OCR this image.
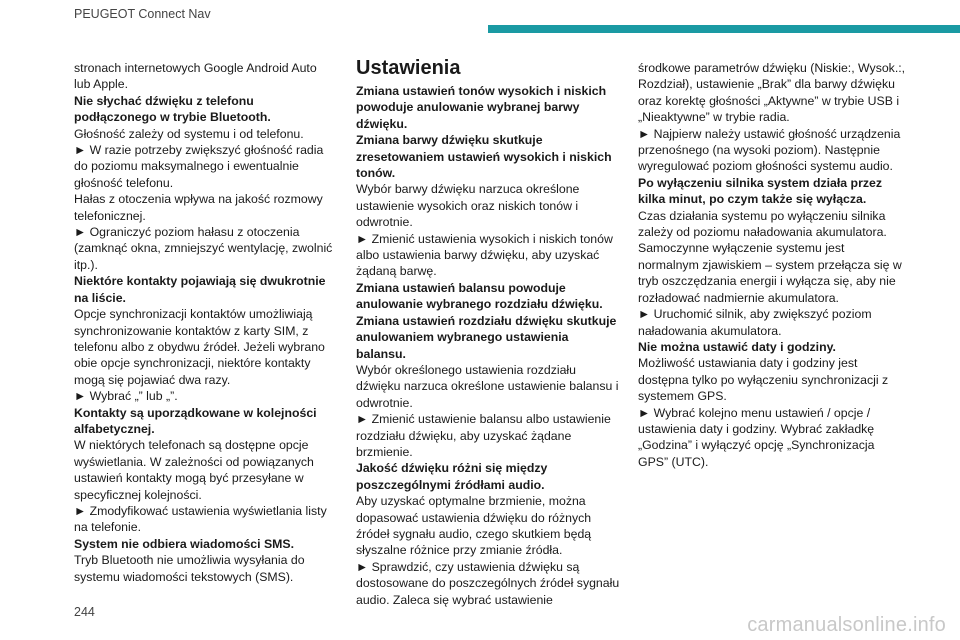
PEUGEOT Connect Nav

stronach internetowych Google Android Auto lub Apple.

Nie słychać dźwięku z telefonu podłączonego w trybie Bluetooth.

Głośność zależy od systemu i od telefonu.

► W razie potrzeby zwiększyć głośność radia do poziomu maksymalnego i ewentualnie głośność telefonu.

Hałas z otoczenia wpływa na jakość rozmowy telefonicznej.

► Ograniczyć poziom hałasu z otoczenia (zamknąć okna, zmniejszyć wentylację, zwolnić itp.).

Niektóre kontakty pojawiają się dwukrotnie na liście.

Opcje synchronizacji kontaktów umożliwiają synchronizowanie kontaktów z karty SIM, z telefonu albo z obydwu źródeł. Jeżeli wybrano obie opcje synchronizacji, niektóre kontakty mogą się pojawiać dwa razy.

► Wybrać „” lub „”.

Kontakty są uporządkowane w kolejności alfabetycznej.

W niektórych telefonach są dostępne opcje wyświetlania. W zależności od powiązanych ustawień kontakty mogą być przesyłane w specyficznej kolejności.

► Zmodyfikować ustawienia wyświetlania listy na telefonie.

System nie odbiera wiadomości SMS.

Tryb Bluetooth nie umożliwia wysyłania do systemu wiadomości tekstowych (SMS).

Ustawienia

Zmiana ustawień tonów wysokich i niskich powoduje anulowanie wybranej barwy dźwięku.

Zmiana barwy dźwięku skutkuje zresetowaniem ustawień wysokich i niskich tonów.

Wybór barwy dźwięku narzuca określone ustawienie wysokich oraz niskich tonów i odwrotnie.

► Zmienić ustawienia wysokich i niskich tonów albo ustawienia barwy dźwięku, aby uzyskać żądaną barwę.

Zmiana ustawień balansu powoduje anulowanie wybranego rozdziału dźwięku.

Zmiana ustawień rozdziału dźwięku skutkuje anulowaniem wybranego ustawienia balansu.

Wybór określonego ustawienia rozdziału dźwięku narzuca określone ustawienie balansu i odwrotnie.

► Zmienić ustawienie balansu albo ustawienie rozdziału dźwięku, aby uzyskać żądane brzmienie.

Jakość dźwięku różni się między poszczególnymi źródłami audio.

Aby uzyskać optymalne brzmienie, można dopasować ustawienia dźwięku do różnych źródeł sygnału audio, czego skutkiem będą słyszalne różnice przy zmianie źródła.

► Sprawdzić, czy ustawienia dźwięku są dostosowane do poszczególnych źródeł sygnału audio. Zaleca się wybrać ustawienie

środkowe parametrów dźwięku (Niskie:, Wysok.:, Rozdział), ustawienie „Brak” dla barwy dźwięku oraz korektę głośności „Aktywne” w trybie USB i „Nieaktywne” w trybie radia.

► Najpierw należy ustawić głośność urządzenia przenośnego (na wysoki poziom). Następnie wyregulować poziom głośności systemu audio.

Po wyłączeniu silnika system działa przez kilka minut, po czym także się wyłącza.

Czas działania systemu po wyłączeniu silnika zależy od poziomu naładowania akumulatora.

Samoczynne wyłączenie systemu jest normalnym zjawiskiem – system przełącza się w tryb oszczędzania energii i wyłącza się, aby nie rozładować nadmiernie akumulatora.

► Uruchomić silnik, aby zwiększyć poziom naładowania akumulatora.

Nie można ustawić daty i godziny.

Możliwość ustawiania daty i godziny jest dostępna tylko po wyłączeniu synchronizacji z systemem GPS.

► Wybrać kolejno menu ustawień / opcje / ustawienia daty i godziny. Wybrać zakładkę „Godzina” i wyłączyć opcję „Synchronizacja GPS” (UTC).

244
carmanualsonline.info
